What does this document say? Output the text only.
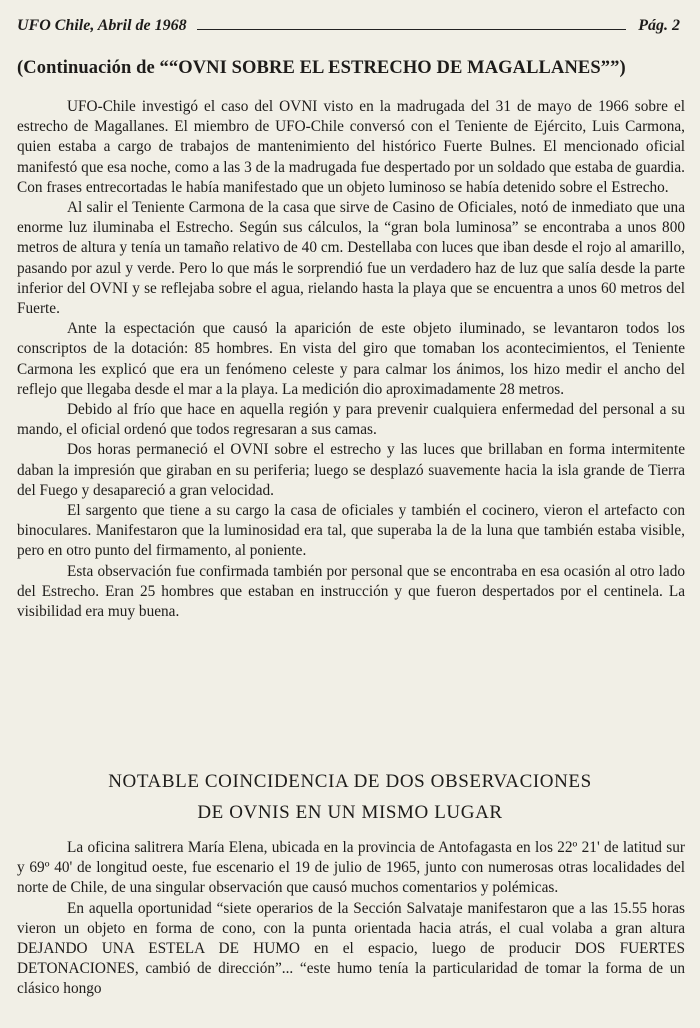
UFO Chile, Abril de 1968	Pág. 2
(Continuación de ““OVNI SOBRE EL ESTRECHO DE MAGALLANES””)

UFO-Chile investigó el caso del OVNI visto en la madrugada del 31 de mayo de 1966 sobre el estrecho de Magallanes. El miembro de UFO-Chile conversó con el Teniente de Ejército, Luis Carmona, quien estaba a cargo de trabajos de mantenimiento del histórico Fuerte Bulnes. El mencionado oficial manifestó que esa noche, como a las 3 de la madrugada fue despertado por un soldado que estaba de guardia. Con frases entrecortadas le había manifestado que un objeto luminoso se había detenido sobre el Estrecho.

Al salir el Teniente Carmona de la casa que sirve de Casino de Oficiales, notó de inmediato que una enorme luz iluminaba el Estrecho. Según sus cálculos, la “gran bola luminosa” se encontraba a unos 800 metros de altura y tenía un tamaño relativo de 40 cm. Destellaba con luces que iban desde el rojo al amarillo, pasando por azul y verde. Pero lo que más le sorprendió fue un verdadero haz de luz que salía desde la parte inferior del OVNI y se reflejaba sobre el agua, rielando hasta la playa que se encuentra a unos 60 metros del Fuerte.

Ante la espectación que causó la aparición de este objeto iluminado, se levantaron todos los conscriptos de la dotación: 85 hombres. En vista del giro que tomaban los acontecimientos, el Teniente Carmona les explicó que era un fenómeno celeste y para calmar los ánimos, los hizo medir el ancho del reflejo que llegaba desde el mar a la playa. La medición dio aproximadamente 28 metros.

Debido al frío que hace en aquella región y para prevenir cualquiera enfermedad del personal a su mando, el oficial ordenó que todos regresaran a sus camas.

Dos horas permaneció el OVNI sobre el estrecho y las luces que brillaban en forma intermitente daban la impresión que giraban en su periferia; luego se desplazó suavemente hacia la isla grande de Tierra del Fuego y desapareció a gran velocidad.

El sargento que tiene a su cargo la casa de oficiales y también el cocinero, vieron el artefacto con binoculares. Manifestaron que la luminosidad era tal, que superaba la de la luna que también estaba visible, pero en otro punto del firmamento, al poniente.

Esta observación fue confirmada también por personal que se encontraba en esa ocasión al otro lado del Estrecho. Eran 25 hombres que estaban en instrucción y que fueron despertados por el centinela. La visibilidad era muy buena.

NOTABLE COINCIDENCIA DE DOS OBSERVACIONES
DE OVNIS EN UN MISMO LUGAR

La oficina salitrera María Elena, ubicada en la provincia de Antofagasta en los 22º 21' de latitud sur y 69º 40' de longitud oeste, fue escenario el 19 de julio de 1965, junto con numerosas otras localidades del norte de Chile, de una singular observación que causó muchos comentarios y polémicas.

En aquella oportunidad “siete operarios de la Sección Salvataje manifestaron que a las 15.55 horas vieron un objeto en forma de cono, con la punta orientada hacia atrás, el cual volaba a gran altura DEJANDO UNA ESTELA DE HUMO en el espacio, luego de producir DOS FUERTES DETONACIONES, cambió de dirección”... “este humo tenía la particularidad de tomar la forma de un clásico hongo
